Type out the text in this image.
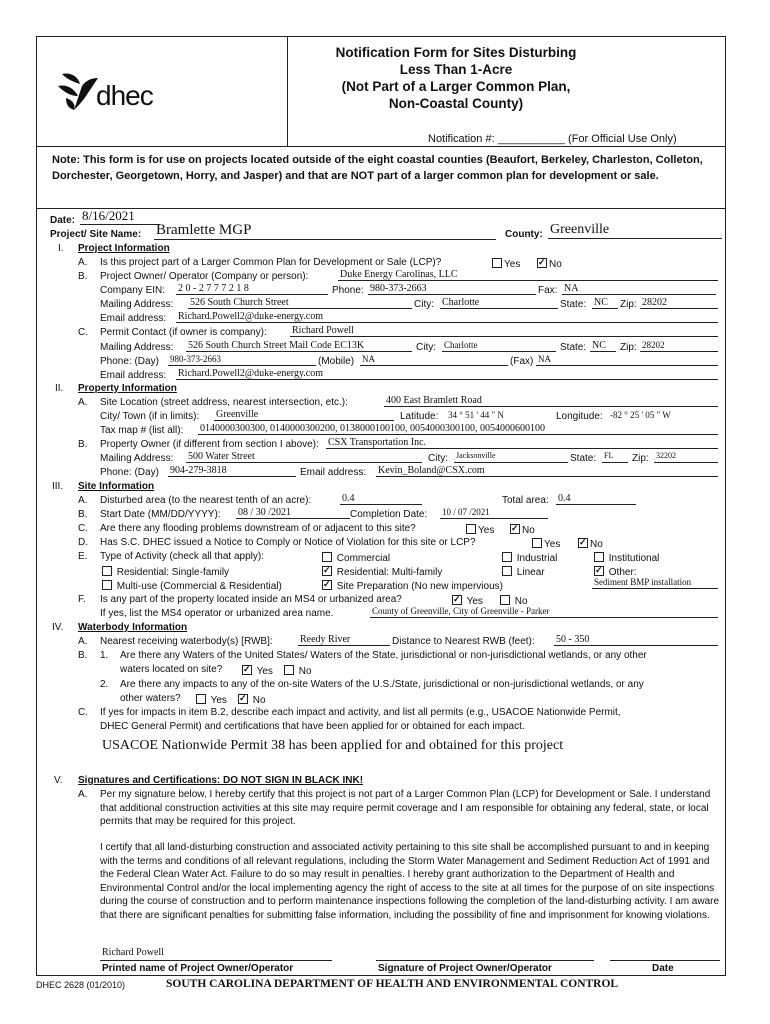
dhec
Notification Form for Sites Disturbing
Less Than 1-Acre
(Not Part of a Larger Common Plan,
Non-Coastal County)
Notification #: ___________ (For Official Use Only)
Note: This form is for use on projects located outside of the eight coastal counties (Beaufort, Berkeley, Charleston, Colleton, Dorchester, Georgetown, Horry, and Jasper) and that are NOT part of a larger common plan for development or sale.
Date: 8/16/2021
Project/ Site Name: Bramlette MGP	County: Greenville
I. Project Information
A. Is this project part of a Larger Common Plan for Development or Sale (LCP)?	Yes ✓	No
B. Project Owner/ Operator (Company or person):	Duke Energy Carolinas, LLC
Company EIN: 2 0 - 2 7 7 7 2 1 8	Phone: 980-373-2663	Fax: NA
Mailing Address: 526 South Church Street	City: Charlotte	State: NC	Zip: 28202
Email address: Richard.Powell2@duke-energy.com
C. Permit Contact (if owner is company):	Richard Powell
Mailing Address: 526 South Church Street Mail Code EC13K	City: Charlotte	State: NC	Zip: 28202
Phone: (Day) 980-373-2663	(Mobile) NA	(Fax) NA
Email address: Richard.Powell2@duke-energy.com
II. Property Information
A. Site Location (street address, nearest intersection, etc.):	400 East Bramlett Road
City/ Town (if in limits): Greenville	Latitude: 34 ° 51 ' 44 " N	Longitude: -82 ° 25 ' 05 " W
Tax map # (list all): 0140000300300, 0140000300200, 0138000100100, 0054000300100, 0054000600100
B. Property Owner (if different from section I above): CSX Transportation Inc.
Mailing Address: 500 Water Street	City: Jacksonville	State: FL	Zip: 32202
Phone: (Day) 904-279-3818	Email address: Kevin_Boland@CSX.com
III. Site Information
A. Disturbed area (to the nearest tenth of an acre):	0.4	Total area: 0.4
B. Start Date (MM/DD/YYYY): 08 / 30 /2021	Completion Date: 10 / 07 /2021
C. Are there any flooding problems downstream of or adjacent to this site?	Yes ✓	No
D. Has S.C. DHEC issued a Notice to Comply or Notice of Violation for this site or LCP?	Yes ✓	No
E. Type of Activity (check all that apply):	Commercial	Industrial	Institutional
Residential: Single-family ✓	Residential: Multi-family	Linear ✓	Other:
Multi-use (Commercial & Residential) ✓	Site Preparation (No new impervious)	Sediment BMP installation
F. Is any part of the property located inside an MS4 or urbanized area? ✓	Yes	No
If yes, list the MS4 operator or urbanized area name.	County of Greenville, City of Greenville - Parker
IV. Waterbody Information
A. Nearest receiving waterbody(s) [RWB]:	Reedy River	Distance to Nearest RWB (feet): 50 - 350
B. 1. Are there any Waters of the United States/ Waters of the State, jurisdictional or non-jurisdictional wetlands, or any other
waters located on site? ✓	Yes	No
2. Are there any impacts to any of the on-site Waters of the U.S./State, jurisdictional or non-jurisdictional wetlands, or any
other waters?	Yes ✓	No
C. If yes for impacts in item B.2, describe each impact and activity, and list all permits (e.g., USACOE Nationwide Permit,
DHEC General Permit) and certifications that have been applied for or obtained for each impact.
USACOE Nationwide Permit 38 has been applied for and obtained for this project
V. Signatures and Certifications: DO NOT SIGN IN BLACK INK!
A. Per my signature below, I hereby certify that this project is not part of a Larger Common Plan (LCP) for Development or Sale. I understand that additional construction activities at this site may require permit coverage and I am responsible for obtaining any federal, state, or local permits that may be required for this project.
I certify that all land-disturbing construction and associated activity pertaining to this site shall be accomplished pursuant to and in keeping with the terms and conditions of all relevant regulations, including the Storm Water Management and Sediment Reduction Act of 1991 and the Federal Clean Water Act. Failure to do so may result in penalties. I hereby grant authorization to the Department of Health and Environmental Control and/or the local implementing agency the right of access to the site at all times for the purpose of on site inspections during the course of construction and to perform maintenance inspections following the completion of the land-disturbing activity. I am aware that there are significant penalties for submitting false information, including the possibility of fine and imprisonment for knowing violations.
Richard Powell
Printed name of Project Owner/Operator	Signature of Project Owner/Operator	Date
DHEC 2628 (01/2010)	SOUTH CAROLINA DEPARTMENT OF HEALTH AND ENVIRONMENTAL CONTROL
